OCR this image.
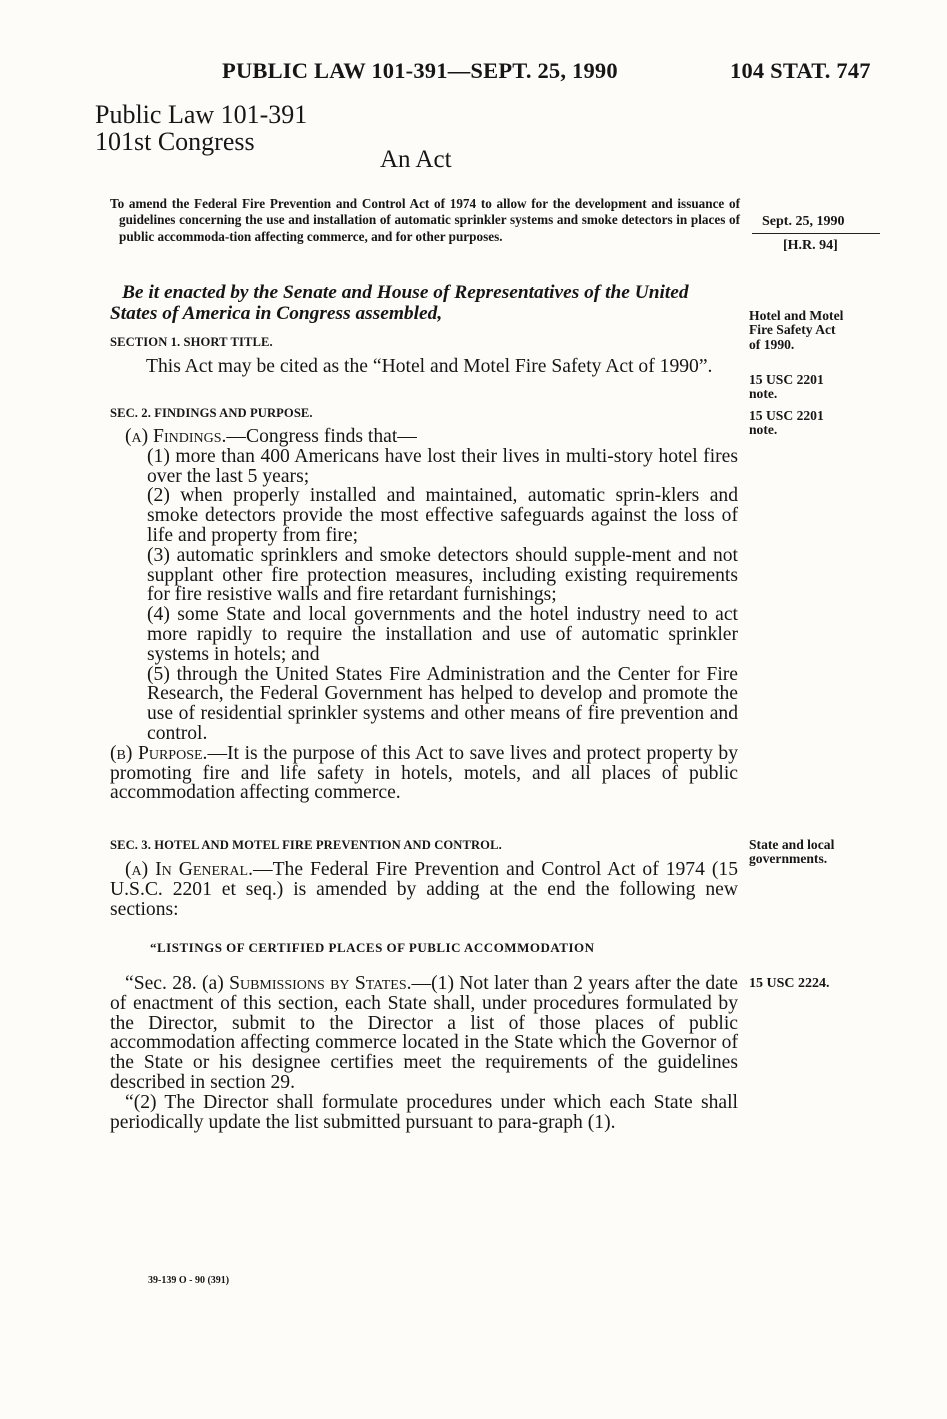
PUBLIC LAW 101-391—SEPT. 25, 1990	104 STAT. 747
Public Law 101-391
101st Congress
An Act
To amend the Federal Fire Prevention and Control Act of 1974 to allow for the development and issuance of guidelines concerning the use and installation of automatic sprinkler systems and smoke detectors in places of public accommoda-tion affecting commerce, and for other purposes.
Sept. 25, 1990
[H.R. 94]
Be it enacted by the Senate and House of Representatives of the United States of America in Congress assembled,
SECTION 1. SHORT TITLE.

This Act may be cited as the “Hotel and Motel Fire Safety Act of 1990”.

Hotel and Motel Fire Safety Act of 1990.
15 USC 2201 note.
15 USC 2201 note.
SEC. 2. FINDINGS AND PURPOSE.

(a) Findings.—Congress finds that—

(1) more than 400 Americans have lost their lives in multi-story hotel fires over the last 5 years;

(2) when properly installed and maintained, automatic sprin-klers and smoke detectors provide the most effective safeguards against the loss of life and property from fire;

(3) automatic sprinklers and smoke detectors should supple-ment and not supplant other fire protection measures, including existing requirements for fire resistive walls and fire retardant furnishings;

(4) some State and local governments and the hotel industry need to act more rapidly to require the installation and use of automatic sprinkler systems in hotels; and

(5) through the United States Fire Administration and the Center for Fire Research, the Federal Government has helped to develop and promote the use of residential sprinkler systems and other means of fire prevention and control.

(b) Purpose.—It is the purpose of this Act to save lives and protect property by promoting fire and life safety in hotels, motels, and all places of public accommodation affecting commerce.

SEC. 3. HOTEL AND MOTEL FIRE PREVENTION AND CONTROL.	State and local governments.

(a) In General.—The Federal Fire Prevention and Control Act of 1974 (15 U.S.C. 2201 et seq.) is amended by adding at the end the following new sections:

“LISTINGS OF CERTIFIED PLACES OF PUBLIC ACCOMMODATION
15 USC 2224.

“Sec. 28. (a) Submissions by States.—(1) Not later than 2 years after the date of enactment of this section, each State shall, under procedures formulated by the Director, submit to the Director a list of those places of public accommodation affecting commerce located in the State which the Governor of the State or his designee certifies meet the requirements of the guidelines described in section 29.

“(2) The Director shall formulate procedures under which each State shall periodically update the list submitted pursuant to para-graph (1).

39-139 O - 90 (391)
